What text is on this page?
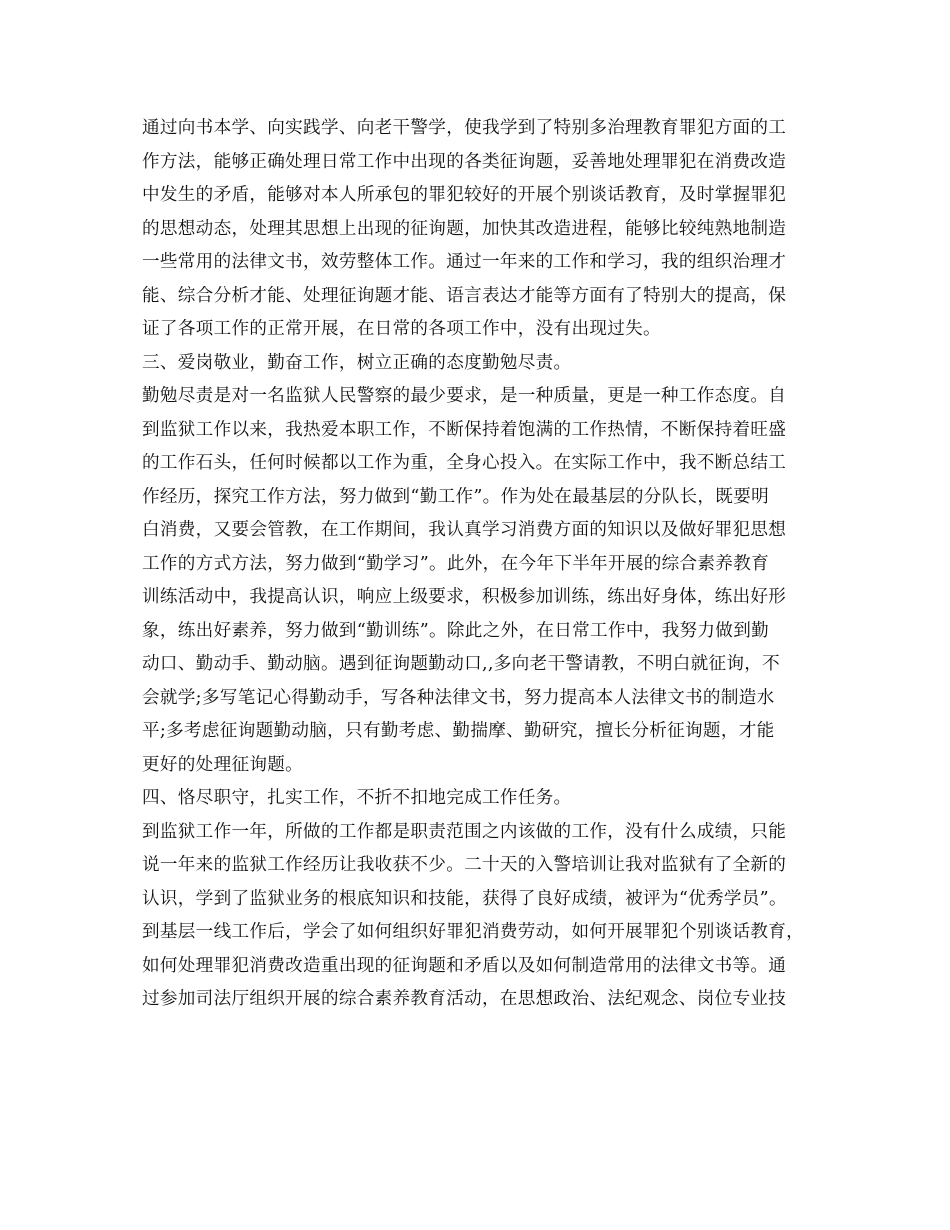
通过向书本学、向实践学、向老干警学，使我学到了特别多治理教育罪犯方面的工
作方法，能够正确处理日常工作中出现的各类征询题，妥善地处理罪犯在消费改造
中发生的矛盾，能够对本人所承包的罪犯较好的开展个别谈话教育，及时掌握罪犯
的思想动态，处理其思想上出现的征询题，加快其改造进程，能够比较纯熟地制造
一些常用的法律文书，效劳整体工作。通过一年来的工作和学习，我的组织治理才
能、综合分析才能、处理征询题才能、语言表达才能等方面有了特别大的提高，保
证了各项工作的正常开展，在日常的各项工作中，没有出现过失。
三、爱岗敬业，勤奋工作，树立正确的态度勤勉尽责。
勤勉尽责是对一名监狱人民警察的最少要求，是一种质量，更是一种工作态度。自
到监狱工作以来，我热爱本职工作，不断保持着饱满的工作热情，不断保持着旺盛
的工作石头，任何时候都以工作为重，全身心投入。在实际工作中，我不断总结工
作经历，探究工作方法，努力做到“勤工作”。作为处在最基层的分队长，既要明
白消费，又要会管教，在工作期间，我认真学习消费方面的知识以及做好罪犯思想
工作的方式方法，努力做到“勤学习”。此外，在今年下半年开展的综合素养教育
训练活动中，我提高认识，响应上级要求，积极参加训练，练出好身体，练出好形
象，练出好素养，努力做到“勤训练”。除此之外，在日常工作中，我努力做到勤
动口、勤动手、勤动脑。遇到征询题勤动口,,多向老干警请教，不明白就征询，不
会就学;多写笔记心得勤动手，写各种法律文书，努力提高本人法律文书的制造水
平;多考虑征询题勤动脑，只有勤考虑、勤揣摩、勤研究，擅长分析征询题，才能
更好的处理征询题。
四、恪尽职守，扎实工作，不折不扣地完成工作任务。
到监狱工作一年，所做的工作都是职责范围之内该做的工作，没有什么成绩，只能
说一年来的监狱工作经历让我收获不少。二十天的入警培训让我对监狱有了全新的
认识，学到了监狱业务的根底知识和技能，获得了良好成绩，被评为“优秀学员”。
到基层一线工作后，学会了如何组织好罪犯消费劳动，如何开展罪犯个别谈话教育，
如何处理罪犯消费改造重出现的征询题和矛盾以及如何制造常用的法律文书等。通
过参加司法厅组织开展的综合素养教育活动，在思想政治、法纪观念、岗位专业技
